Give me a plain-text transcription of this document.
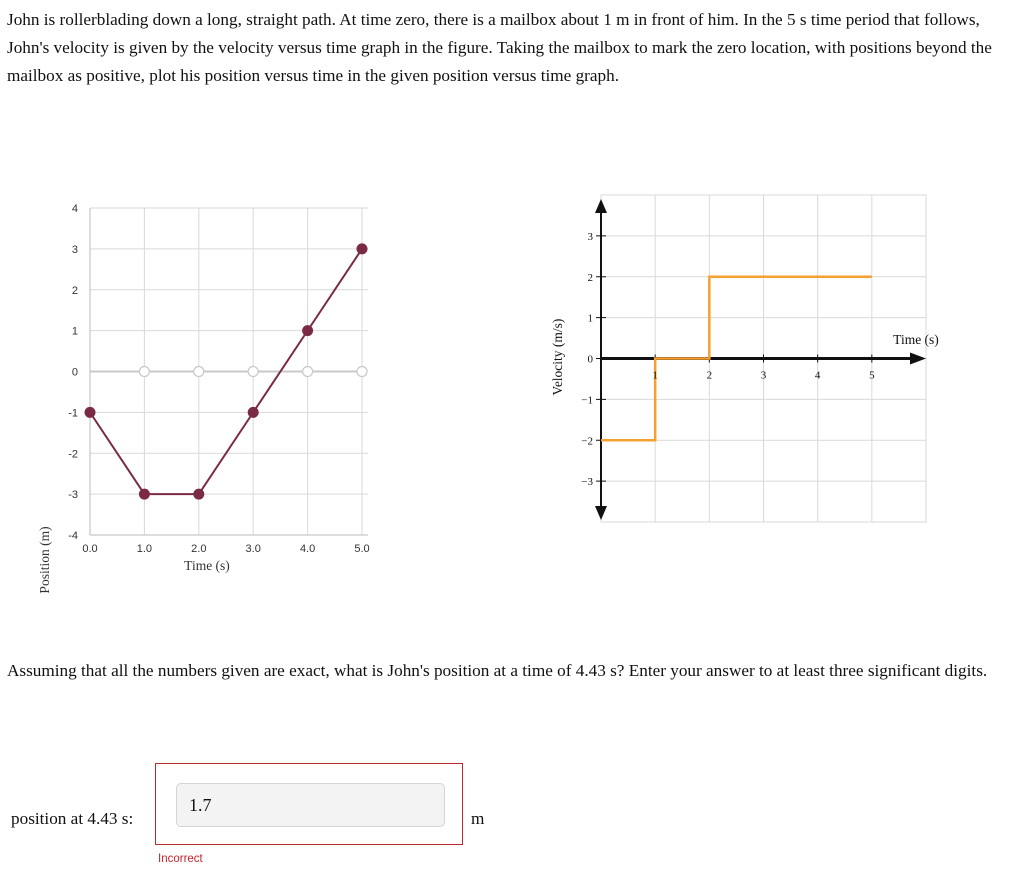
John is rollerblading down a long, straight path. At time zero, there is a mailbox about 1 m in front of him. In the 5 s time period that follows, John's velocity is given by the velocity versus time graph in the figure. Taking the mailbox to mark the zero location, with positions beyond the mailbox as positive, plot his position versus time in the given position versus time graph.

4
3
2
1
0
-1
-2
-3
-4
0.0	1.0	2.0	3.0	4.0	5.0
Time (s)
Position (m)
3
2
1
0
−1
−2
−3
1	2	3	4	5
Time (s)
Velocity (m/s)

Assuming that all the numbers given are exact, what is John's position at a time of 4.43 s? Enter your answer to at least three significant digits.

position at 4.43 s:
1.7	m
Incorrect
